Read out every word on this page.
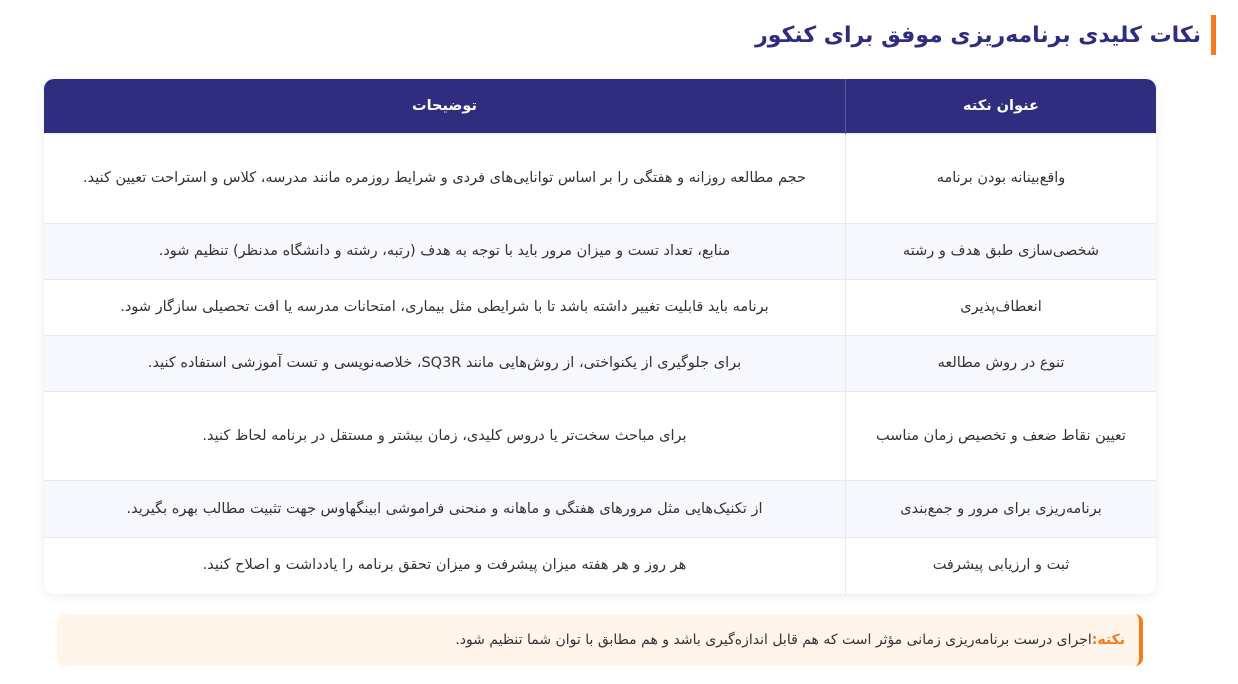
نکات کلیدی برنامه‌ریزی موفق برای کنکور
عنوان نکته	توضیحات
واقع‌بینانه بودن برنامه	حجم مطالعه روزانه و هفتگی را بر اساس توانایی‌های فردی و شرایط روزمره مانند مدرسه، کلاس و استراحت تعیین کنید.
شخصی‌سازی طبق هدف و رشته	منابع، تعداد تست و میزان مرور باید با توجه به هدف (رتبه، رشته و دانشگاه مدنظر) تنظیم شود.
انعطاف‌پذیری	برنامه باید قابلیت تغییر داشته باشد تا با شرایطی مثل بیماری، امتحانات مدرسه یا افت تحصیلی سازگار شود.
تنوع در روش مطالعه	برای جلوگیری از یکنواختی، از روش‌هایی مانند SQ3R، خلاصه‌نویسی و تست آموزشی استفاده کنید.
تعیین نقاط ضعف و تخصیص زمان مناسب	برای مباحث سخت‌تر یا دروس کلیدی، زمان بیشتر و مستقل در برنامه لحاظ کنید.
برنامه‌ریزی برای مرور و جمع‌بندی	از تکنیک‌هایی مثل مرورهای هفتگی و ماهانه و منحنی فراموشی ابینگهاوس جهت تثبیت مطالب بهره بگیرید.
ثبت و ارزیابی پیشرفت	هر روز و هر هفته میزان پیشرفت و میزان تحقق برنامه را یادداشت و اصلاح کنید.
نکته:
اجرای درست برنامه‌ریزی زمانی مؤثر است که هم قابل اندازه‌گیری باشد و هم مطابق با توان شما تنظیم شود.
